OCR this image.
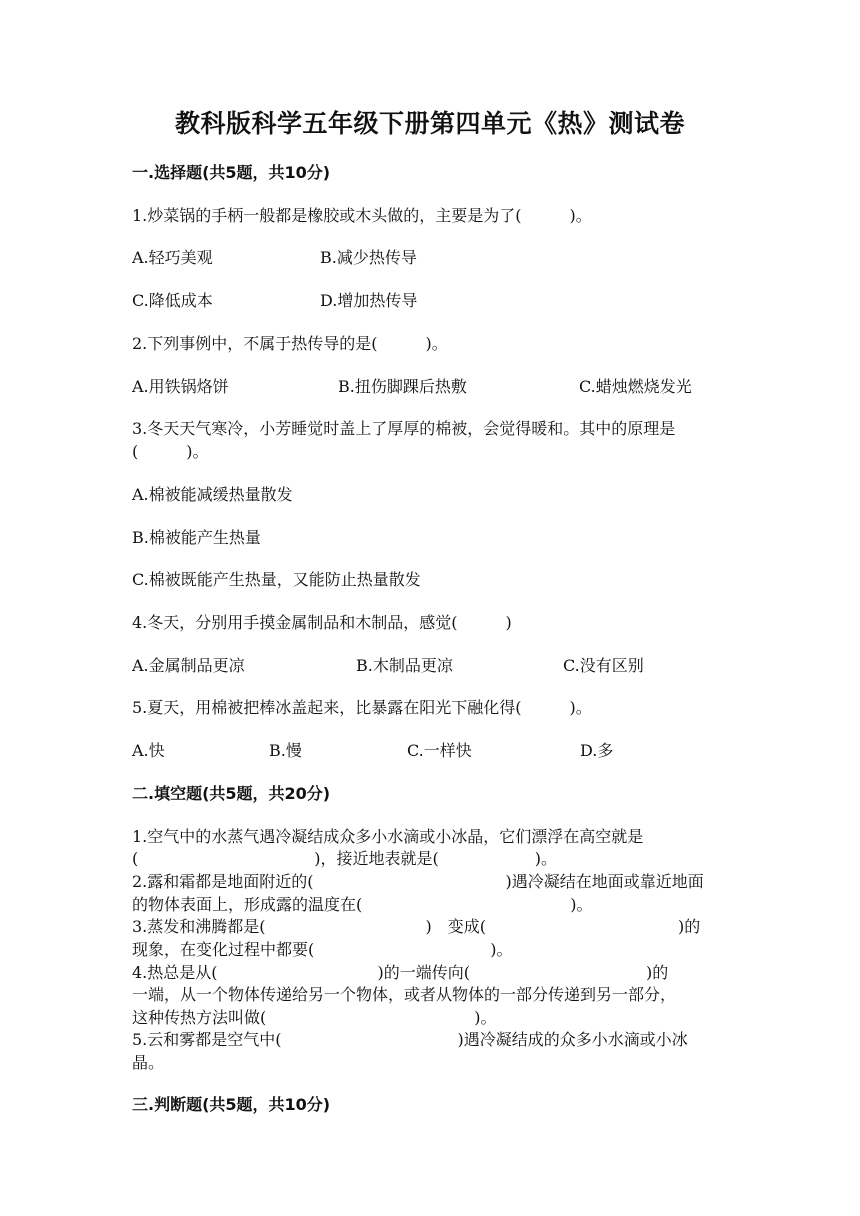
教科版科学五年级下册第四单元《热》测试卷
一.选择题(共5题，共10分)
1.炒菜锅的手柄一般都是橡胶或木头做的，主要是为了(　　　)。
A.轻巧美观	B.减少热传导
C.降低成本	D.增加热传导
2.下列事例中，不属于热传导的是(　　　)。
A.用铁锅烙饼	B.扭伤脚踝后热敷	C.蜡烛燃烧发光
3.冬天天气寒冷，小芳睡觉时盖上了厚厚的棉被，会觉得暖和。其中的原理是
(　　　)。
A.棉被能减缓热量散发
B.棉被能产生热量
C.棉被既能产生热量，又能防止热量散发
4.冬天，分别用手摸金属制品和木制品，感觉(　　　)
A.金属制品更凉	B.木制品更凉	C.没有区别
5.夏天，用棉被把棒冰盖起来，比暴露在阳光下融化得(　　　)。
A.快	B.慢	C.一样快	D.多
二.填空题(共5题，共20分)
1.空气中的水蒸气遇冷凝结成众多小水滴或小冰晶，它们漂浮在高空就是
(　　　　　　　　　　　)，接近地表就是(　　　　　　)。
2.露和霜都是地面附近的(　　　　　　　　　　　　)遇冷凝结在地面或靠近地面
的物体表面上，形成露的温度在(　　　　　　　　　　　　　)。
3.蒸发和沸腾都是(　　　　　　　　　　)　变成(　　　　　　　　　　　　)的
现象，在变化过程中都要(　　　　　　　　　　　)。
4.热总是从(　　　　　　　　　　)的一端传向(　　　　　　　　　　　)的
一端，从一个物体传递给另一个物体，或者从物体的一部分传递到另一部分，
这种传热方法叫做(　　　　　　　　　　　　　)。
5.云和雾都是空气中(　　　　　　　　　　　)遇冷凝结成的众多小水滴或小冰
晶。
三.判断题(共5题，共10分)
